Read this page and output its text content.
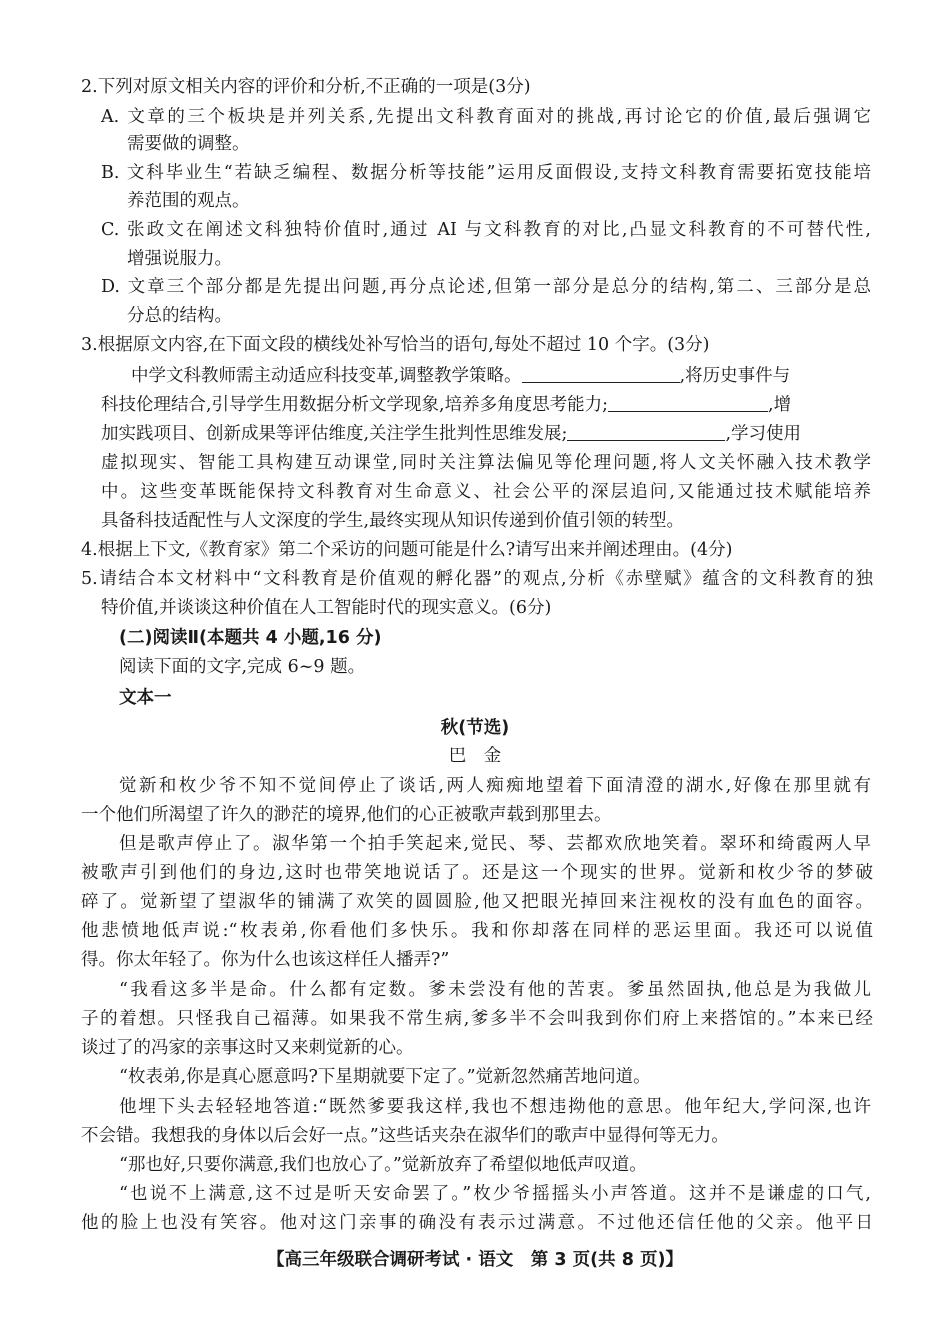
2.下列对原文相关内容的评价和分析,不正确的一项是(3分)
A. 文章的三个板块是并列关系,先提出文科教育面对的挑战,再讨论它的价值,最后强调它
需要做的调整。
B. 文科毕业生“若缺乏编程、数据分析等技能”运用反面假设,支持文科教育需要拓宽技能培
养范围的观点。
C. 张政文在阐述文科独特价值时,通过 AI 与文科教育的对比,凸显文科教育的不可替代性,
增强说服力。
D. 文章三个部分都是先提出问题,再分点论述,但第一部分是总分的结构,第二、三部分是总
分总的结构。
3.根据原文内容,在下面文段的横线处补写恰当的语句,每处不超过 10 个字。(3分)
中学文科教师需主动适应科技变革,调整教学策略。	,将历史事件与
科技伦理结合,引导学生用数据分析文学现象,培养多角度思考能力;	,增
加实践项目、创新成果等评估维度,关注学生批判性思维发展;	,学习使用
虚拟现实、智能工具构建互动课堂,同时关注算法偏见等伦理问题,将人文关怀融入技术教学
中。这些变革既能保持文科教育对生命意义、社会公平的深层追问,又能通过技术赋能培养
具备科技适配性与人文深度的学生,最终实现从知识传递到价值引领的转型。
4.根据上下文,《教育家》第二个采访的问题可能是什么?请写出来并阐述理由。(4分)
5.请结合本文材料中“文科教育是价值观的孵化器”的观点,分析《赤壁赋》蕴含的文科教育的独
特价值,并谈谈这种价值在人工智能时代的现实意义。(6分)
(二)阅读Ⅱ(本题共 4 小题,16 分)
阅读下面的文字,完成 6~9 题。
文本一
秋(节选)
巴　金
觉新和枚少爷不知不觉间停止了谈话,两人痴痴地望着下面清澄的湖水,好像在那里就有
一个他们所渴望了许久的渺茫的境界,他们的心正被歌声载到那里去。
但是歌声停止了。淑华第一个拍手笑起来,觉民、琴、芸都欢欣地笑着。翠环和绮霞两人早
被歌声引到他们的身边,这时也带笑地说话了。还是这一个现实的世界。觉新和枚少爷的梦破
碎了。觉新望了望淑华的铺满了欢笑的圆圆脸,他又把眼光掉回来注视枚的没有血色的面容。
他悲愤地低声说:“枚表弟,你看他们多快乐。我和你却落在同样的恶运里面。我还可以说值
得。你太年轻了。你为什么也该这样任人播弄?”
“我看这多半是命。什么都有定数。爹未尝没有他的苦衷。爹虽然固执,他总是为我做儿
子的着想。只怪我自己福薄。如果我不常生病,爹多半不会叫我到你们府上来搭馆的。”本来已经
谈过了的冯家的亲事这时又来刺觉新的心。
“枚表弟,你是真心愿意吗?下星期就要下定了。”觉新忽然痛苦地问道。
他埋下头去轻轻地答道:“既然爹要我这样,我也不想违拗他的意思。他年纪大,学问深,也许
不会错。我想我的身体以后会好一点。”这些话夹杂在淑华们的歌声中显得何等无力。
“那也好,只要你满意,我们也放心了。”觉新放弃了希望似地低声叹道。
“也说不上满意,这不过是听天安命罢了。”枚少爷摇摇头小声答道。这并不是谦虚的口气,
他的脸上也没有笑容。他对这门亲事的确没有表示过满意。不过他还信任他的父亲。他平日
【高三年级联合调研考试 · 语文　第 3 页(共 8 页)】
